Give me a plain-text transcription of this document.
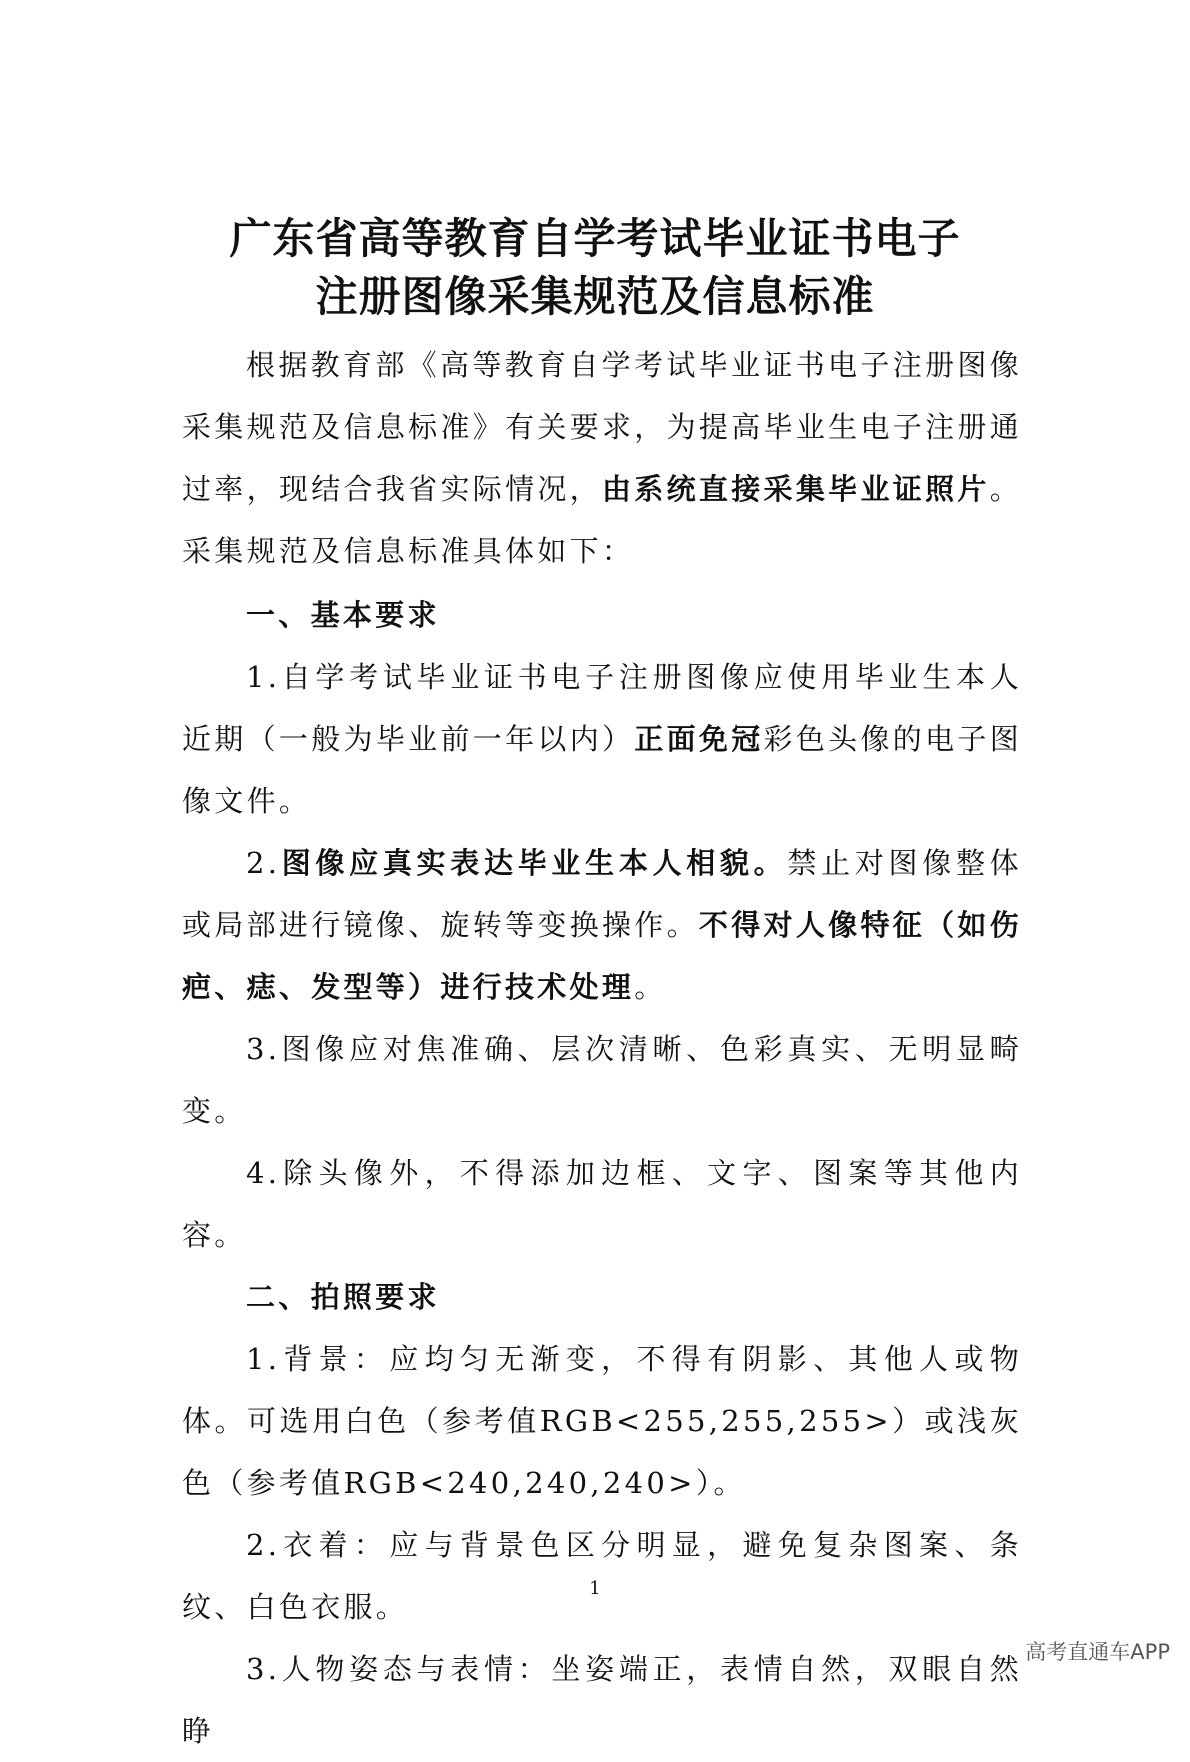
广东省高等教育自学考试毕业证书电子
注册图像采集规范及信息标准

根据教育部《高等教育自学考试毕业证书电子注册图像采集规范及信息标准》有关要求，为提高毕业生电子注册通过率，现结合我省实际情况，由系统直接采集毕业证照片。采集规范及信息标准具体如下：

一、基本要求

1.自学考试毕业证书电子注册图像应使用毕业生本人近期（一般为毕业前一年以内）正面免冠彩色头像的电子图像文件。

2.图像应真实表达毕业生本人相貌。禁止对图像整体或局部进行镜像、旋转等变换操作。不得对人像特征（如伤疤、痣、发型等）进行技术处理。

3.图像应对焦准确、层次清晰、色彩真实、无明显畸变。

4.除头像外，不得添加边框、文字、图案等其他内容。

二、拍照要求

1.背景：应均匀无渐变，不得有阴影、其他人或物体。可选用白色（参考值RGB<255,255,255>）或浅灰色（参考值RGB<240,240,240>）。

2.衣着：应与背景色区分明显，避免复杂图案、条纹、白色衣服。

3.人物姿态与表情：坐姿端正，表情自然，双眼自然睁

1
高考直通车APP
